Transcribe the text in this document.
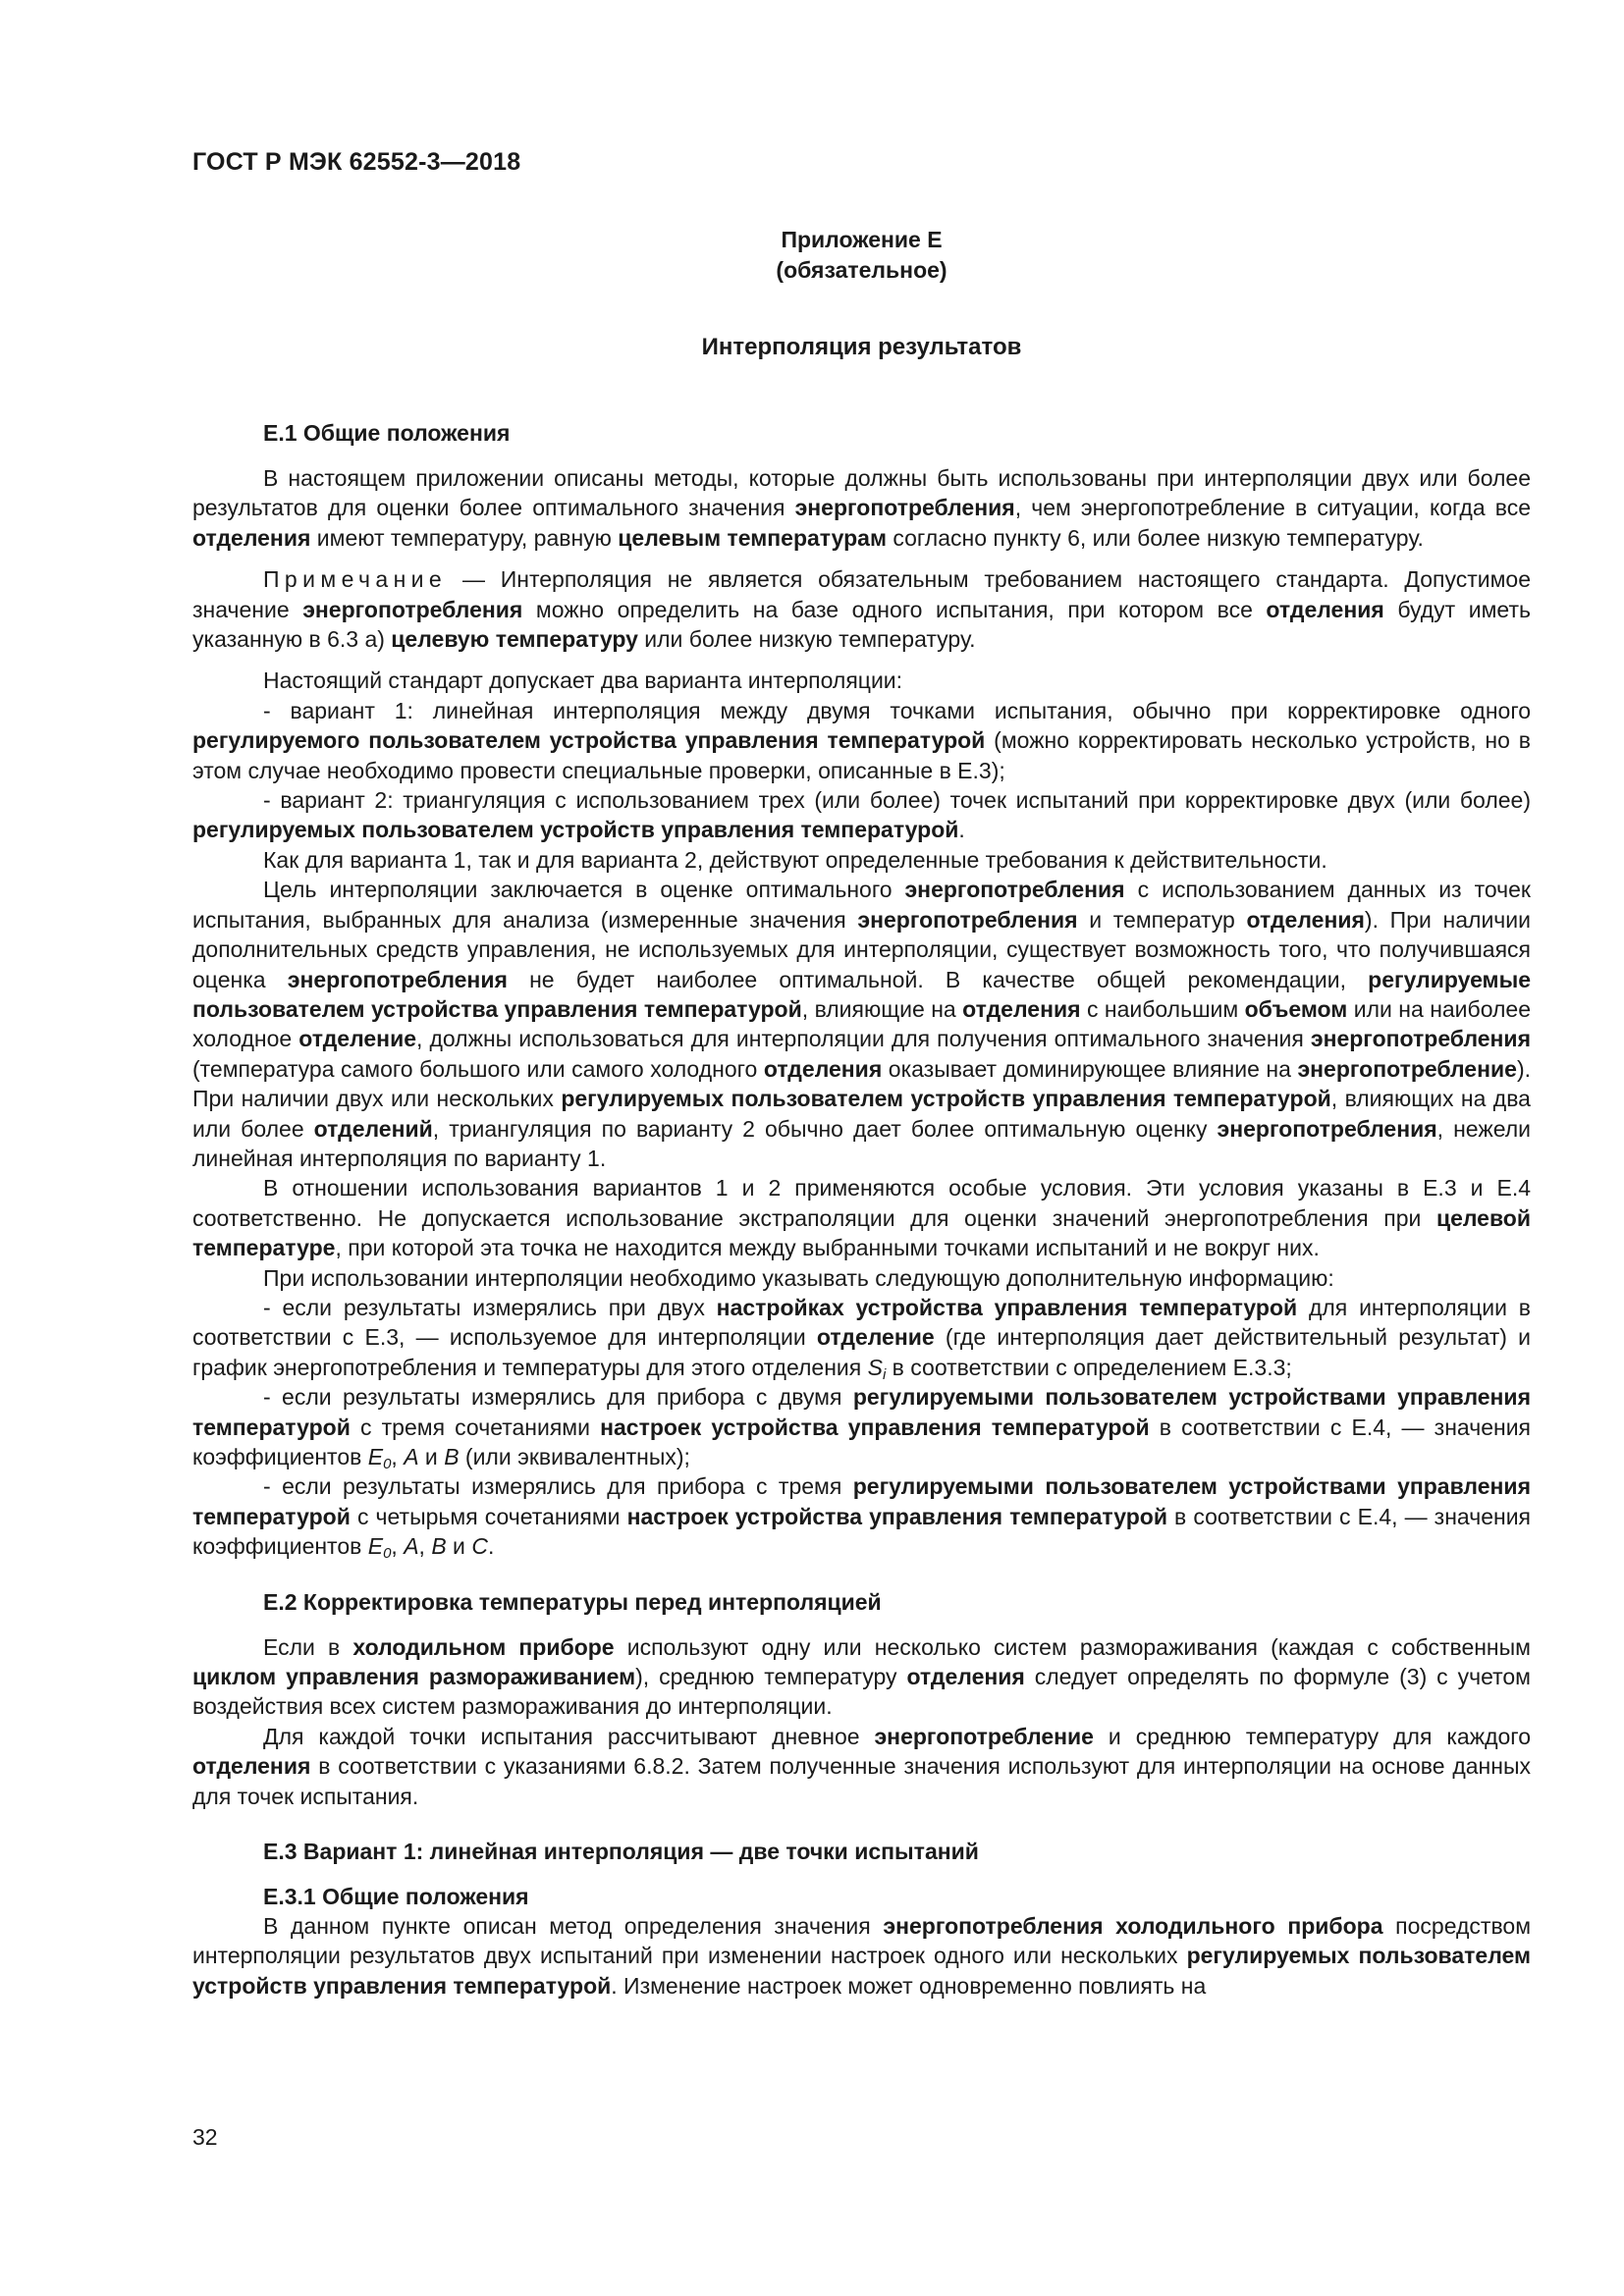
ГОСТ Р МЭК 62552-3—2018
Приложение Е
(обязательное)
Интерполяция результатов
Е.1 Общие положения

В настоящем приложении описаны методы, которые должны быть использованы при интерполяции двух или более результатов для оценки более оптимального значения энергопотребления, чем энергопотребление в ситуации, когда все отделения имеют температуру, равную целевым температурам согласно пункту 6, или более низкую температуру.

Примечание — Интерполяция не является обязательным требованием настоящего стандарта. Допустимое значение энергопотребления можно определить на базе одного испытания, при котором все отделения будут иметь указанную в 6.3 а) целевую температуру или более низкую температуру.

Настоящий стандарт допускает два варианта интерполяции:

- вариант 1: линейная интерполяция между двумя точками испытания, обычно при корректировке одного регулируемого пользователем устройства управления температурой (можно корректировать несколько устройств, но в этом случае необходимо провести специальные проверки, описанные в Е.3);

- вариант 2: триангуляция с использованием трех (или более) точек испытаний при корректировке двух (или более) регулируемых пользователем устройств управления температурой.

Как для варианта 1, так и для варианта 2, действуют определенные требования к действительности.

Цель интерполяции заключается в оценке оптимального энергопотребления с использованием данных из точек испытания, выбранных для анализа (измеренные значения энергопотребления и температур отделения). При наличии дополнительных средств управления, не используемых для интерполяции, существует возможность того, что получившаяся оценка энергопотребления не будет наиболее оптимальной. В качестве общей рекомендации, регулируемые пользователем устройства управления температурой, влияющие на отделения с наибольшим объемом или на наиболее холодное отделение, должны использоваться для интерполяции для получения оптимального значения энергопотребления (температура самого большого или самого холодного отделения оказывает доминирующее влияние на энергопотребление). При наличии двух или нескольких регулируемых пользователем устройств управления температурой, влияющих на два или более отделений, триангуляция по варианту 2 обычно дает более оптимальную оценку энергопотребления, нежели линейная интерполяция по варианту 1.

В отношении использования вариантов 1 и 2 применяются особые условия. Эти условия указаны в Е.3 и Е.4 соответственно. Не допускается использование экстраполяции для оценки значений энергопотребления при целевой температуре, при которой эта точка не находится между выбранными точками испытаний и не вокруг них.

При использовании интерполяции необходимо указывать следующую дополнительную информацию:

- если результаты измерялись при двух настройках устройства управления температурой для интерполяции в соответствии с Е.3, — используемое для интерполяции отделение (где интерполяция дает действительный результат) и график энергопотребления и температуры для этого отделения $S_i$ в соответствии с определением Е.3.3;

- если результаты измерялись для прибора с двумя регулируемыми пользователем устройствами управления температурой с тремя сочетаниями настроек устройства управления температурой в соответствии с Е.4, — значения коэффициентов $E_0$, A и B (или эквивалентных);

- если результаты измерялись для прибора с тремя регулируемыми пользователем устройствами управления температурой с четырьмя сочетаниями настроек устройства управления температурой в соответствии с Е.4, — значения коэффициентов $E_0$, A, B и C.

Е.2 Корректировка температуры перед интерполяцией

Если в холодильном приборе используют одну или несколько систем размораживания (каждая с собственным циклом управления размораживанием), среднюю температуру отделения следует определять по формуле (3) с учетом воздействия всех систем размораживания до интерполяции.

Для каждой точки испытания рассчитывают дневное энергопотребление и среднюю температуру для каждого отделения в соответствии с указаниями 6.8.2. Затем полученные значения используют для интерполяции на основе данных для точек испытания.

Е.3 Вариант 1: линейная интерполяция — две точки испытаний
Е.3.1 Общие положения

В данном пункте описан метод определения значения энергопотребления холодильного прибора посредством интерполяции результатов двух испытаний при изменении настроек одного или нескольких регулируемых пользователем устройств управления температурой. Изменение настроек может одновременно повлиять на

32
